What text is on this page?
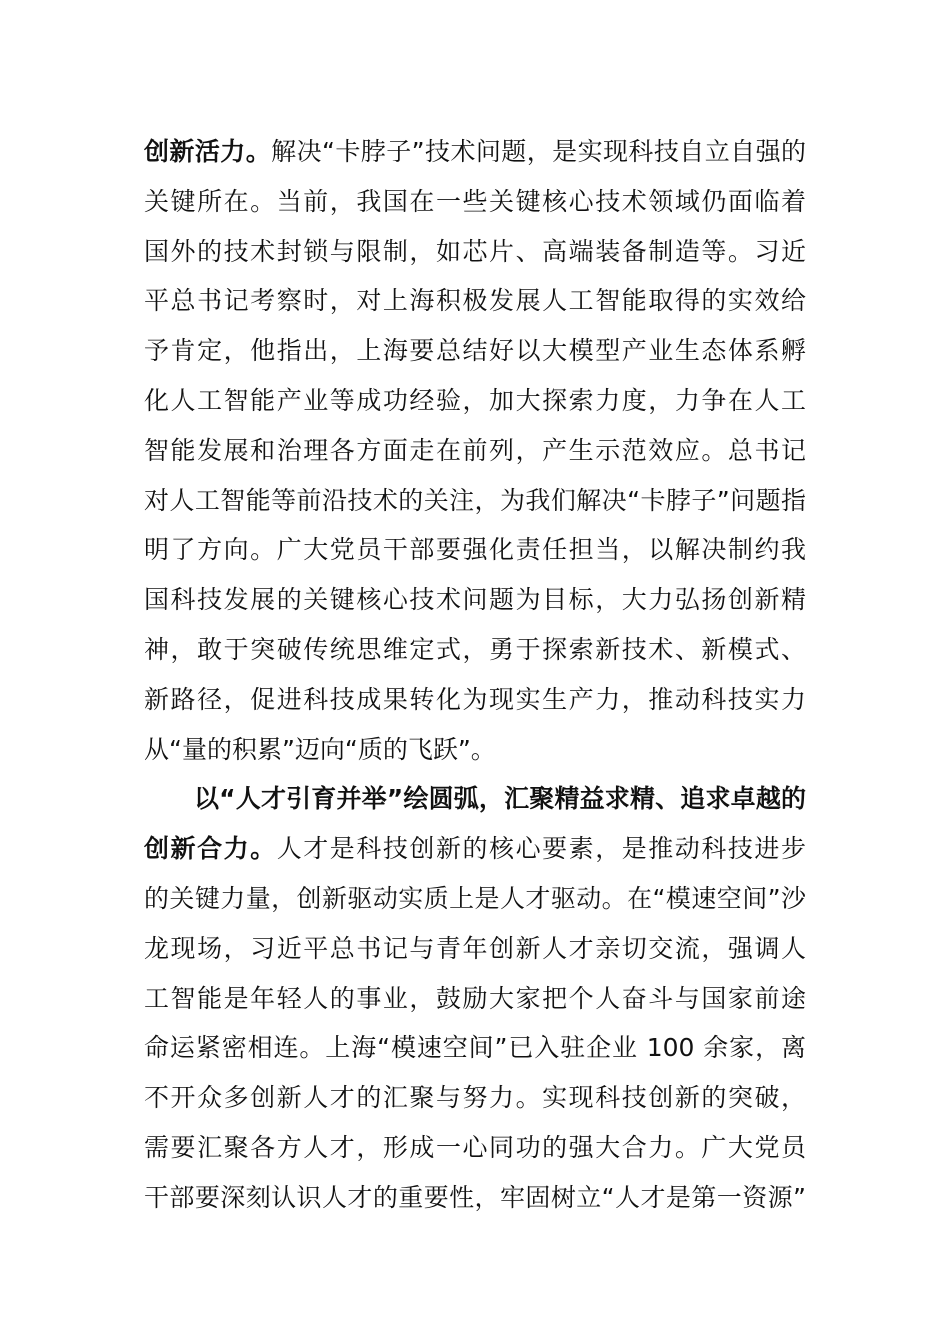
创新活力。解决“卡脖子”技术问题，是实现科技自立自强的
关键所在。当前，我国在一些关键核心技术领域仍面临着
国外的技术封锁与限制，如芯片、高端装备制造等。习近
平总书记考察时，对上海积极发展人工智能取得的实效给
予肯定，他指出，上海要总结好以大模型产业生态体系孵
化人工智能产业等成功经验，加大探索力度，力争在人工
智能发展和治理各方面走在前列，产生示范效应。总书记
对人工智能等前沿技术的关注，为我们解决“卡脖子”问题指
明了方向。广大党员干部要强化责任担当，以解决制约我
国科技发展的关键核心技术问题为目标，大力弘扬创新精
神，敢于突破传统思维定式，勇于探索新技术、新模式、
新路径，促进科技成果转化为现实生产力，推动科技实力
从“量的积累”迈向“质的飞跃”。
以“人才引育并举”绘圆弧，汇聚精益求精、追求卓越的
创新合力。人才是科技创新的核心要素，是推动科技进步
的关键力量，创新驱动实质上是人才驱动。在“模速空间”沙
龙现场，习近平总书记与青年创新人才亲切交流，强调人
工智能是年轻人的事业，鼓励大家把个人奋斗与国家前途
命运紧密相连。上海“模速空间”已入驻企业 100 余家，离
不开众多创新人才的汇聚与努力。实现科技创新的突破，
需要汇聚各方人才，形成一心同功的强大合力。广大党员
干部要深刻认识人才的重要性，牢固树立“人才是第一资源”
